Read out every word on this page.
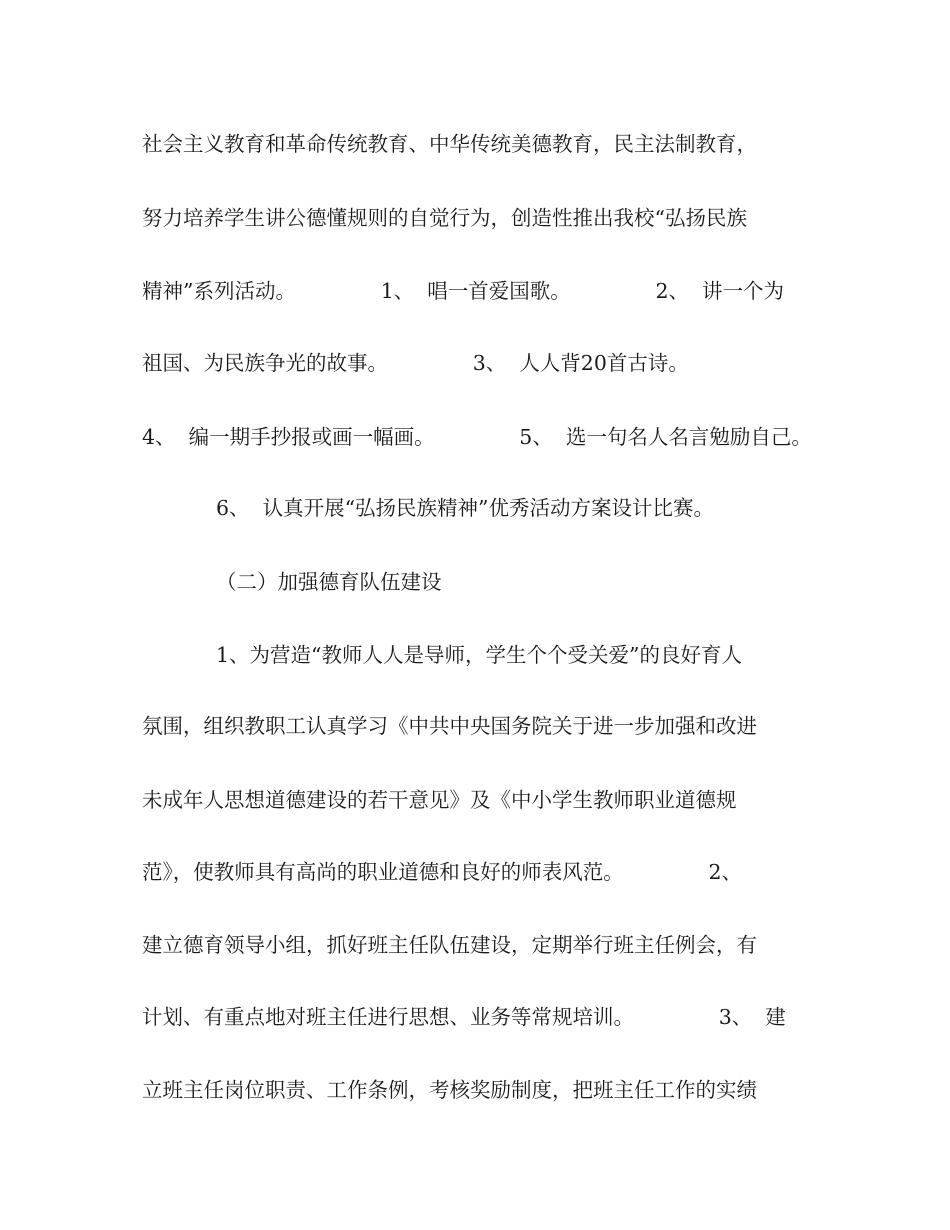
社会主义教育和革命传统教育、中华传统美德教育，民主法制教育，
努力培养学生讲公德懂规则的自觉行为，创造性推出我校“弘扬民族
精神”系列活动。             1、  唱一首爱国歌。             2、  讲一个为
祖国、为民族争光的故事。             3、  人人背20首古诗。
4、  编一期手抄报或画一幅画。             5、  选一句名人名言勉励自己。
6、  认真开展“弘扬民族精神”优秀活动方案设计比赛。
（二）加强德育队伍建设
1、为营造“教师人人是导师，学生个个受关爱”的良好育人
氛围，组织教职工认真学习《中共中央国务院关于进一步加强和改进
未成年人思想道德建设的若干意见》及《中小学生教师职业道德规
范》，使教师具有高尚的职业道德和良好的师表风范。             2、
建立德育领导小组，抓好班主任队伍建设，定期举行班主任例会，有
计划、有重点地对班主任进行思想、业务等常规培训。             3、  建
立班主任岗位职责、工作条例，考核奖励制度，把班主任工作的实绩
